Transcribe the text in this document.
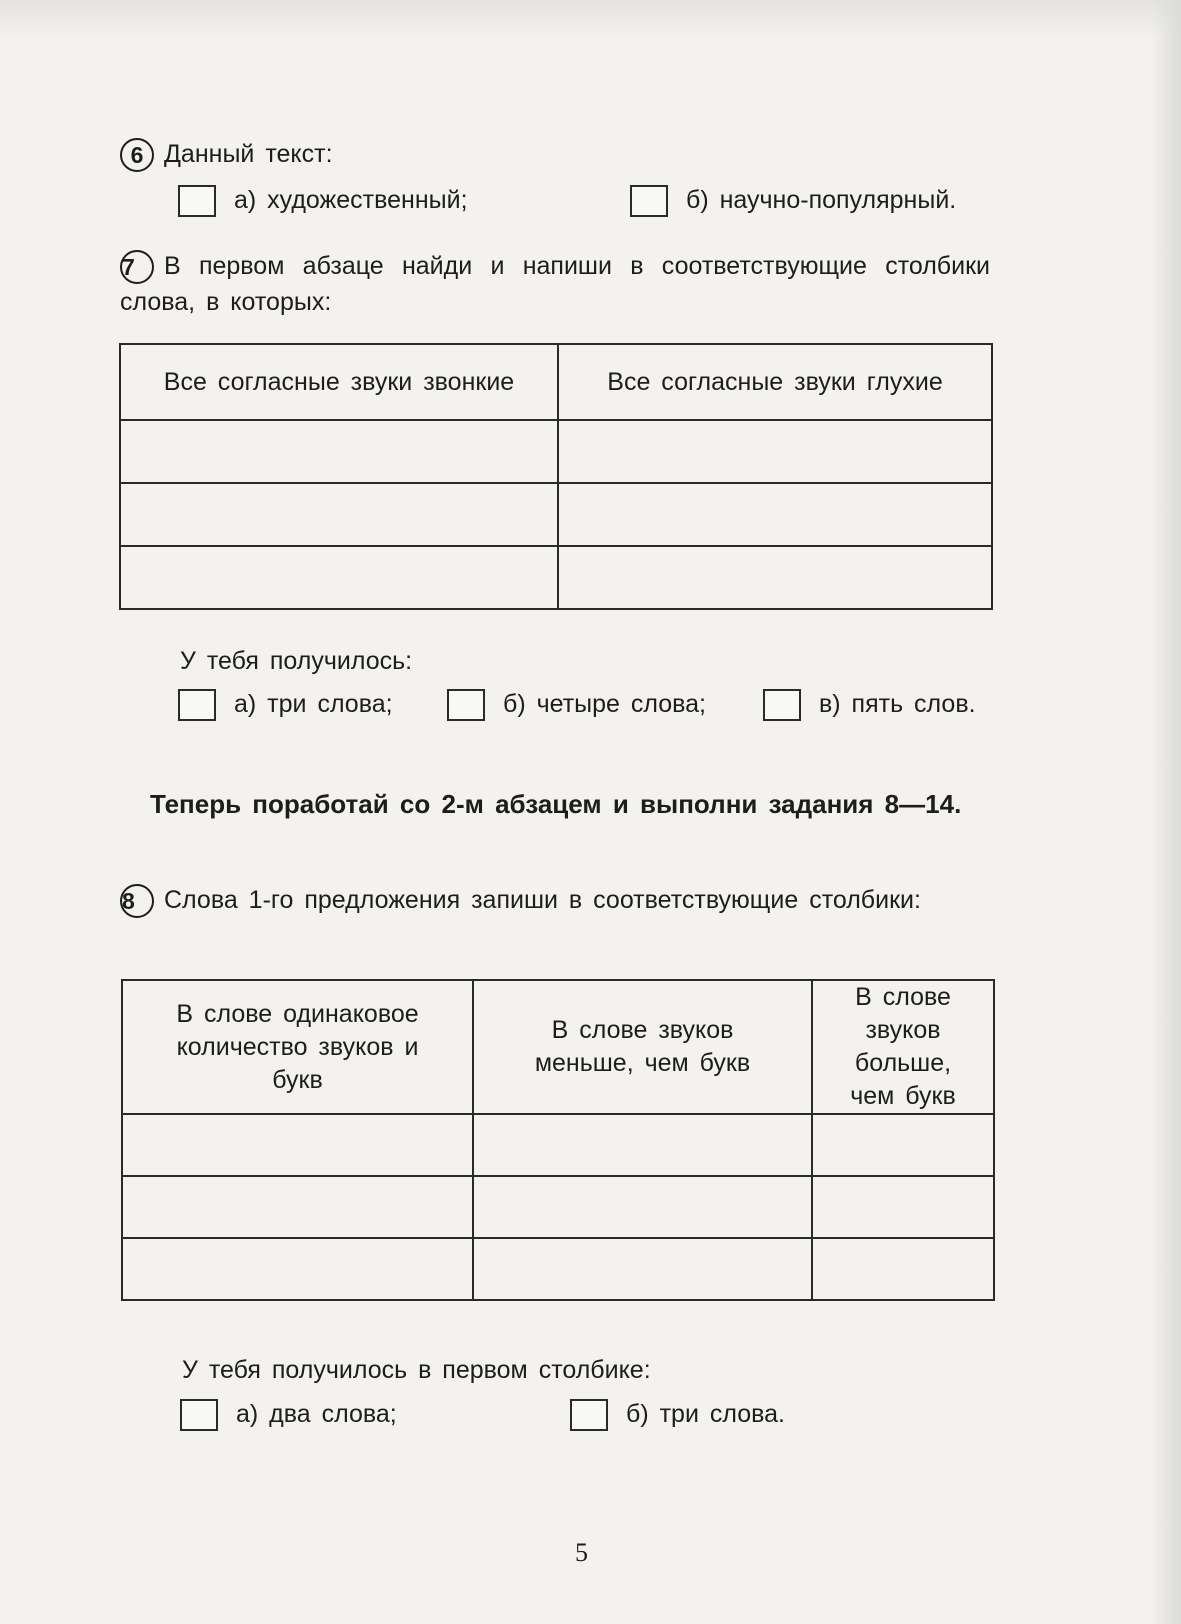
6 Данный текст:
а) художественный;	б) научно-популярный.
7 В первом абзаце найди и напиши в соответствующие столбики слова, в которых:
Все согласные звуки звонкие	Все согласные звуки глухие

У тебя получилось:
а) три слова;	б) четыре слова;	в) пять слов.
Теперь поработай со 2-м абзацем и выполни задания 8—14.
8 Слова 1-го предложения запиши в соответствующие столбики:
В слове одинаковое количество звуков и букв	В слове звуков меньше, чем букв	В слове звуков больше, чем букв

У тебя получилось в первом столбике:
а) два слова;	б) три слова.
5
